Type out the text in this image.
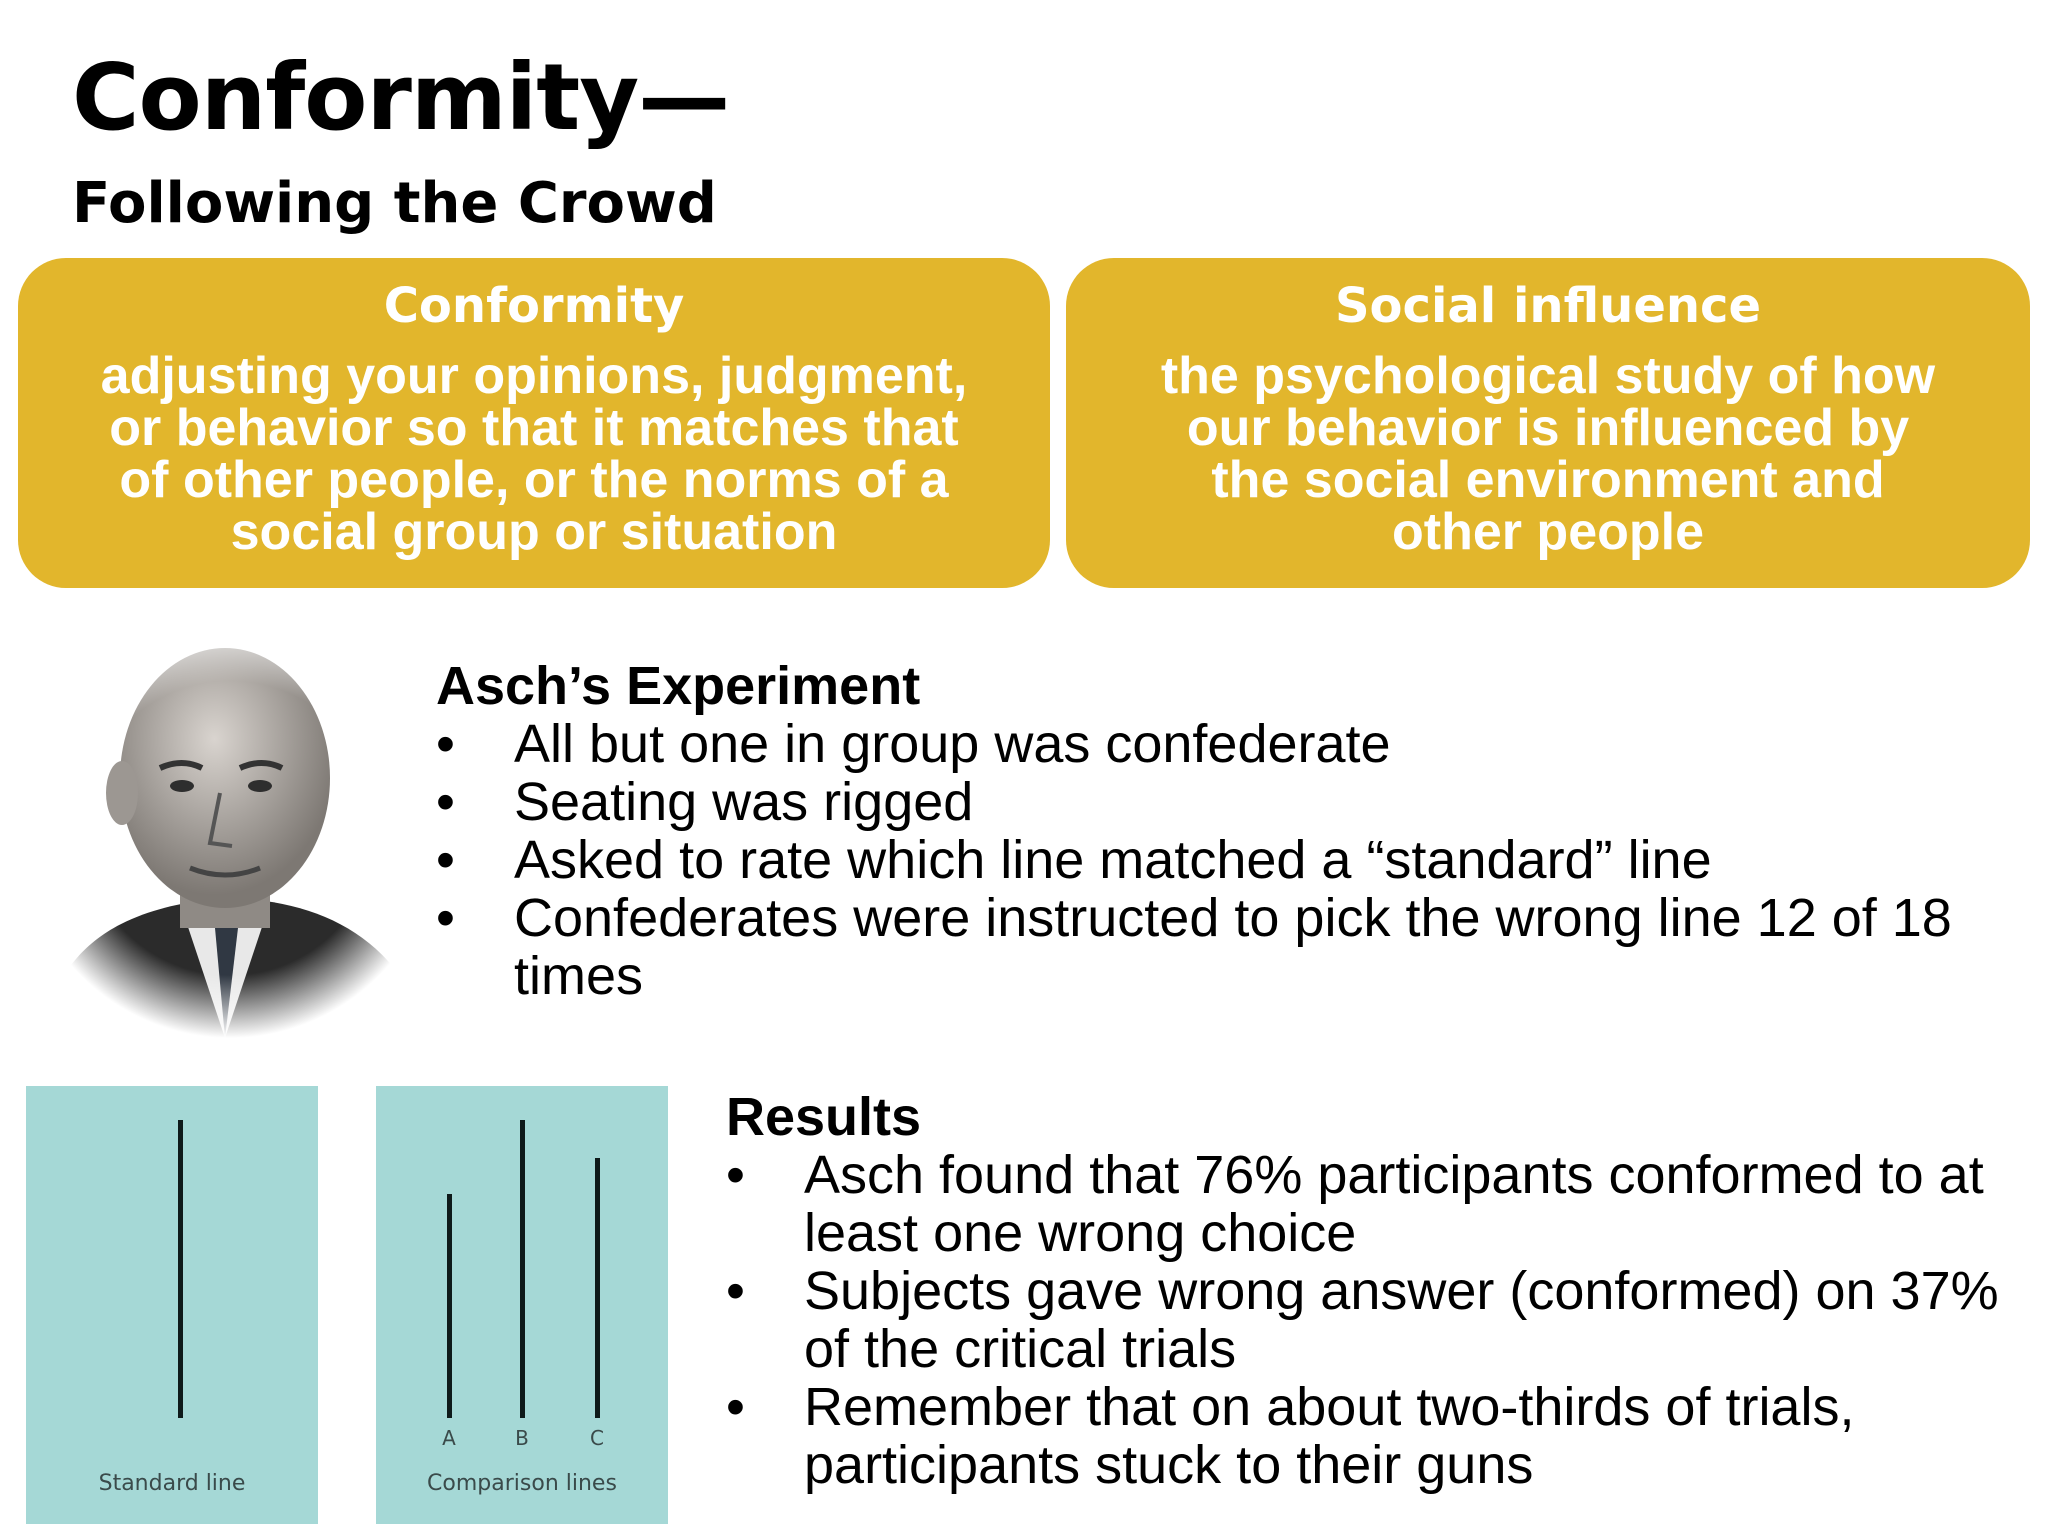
Conformity—
Following the Crowd
Conformity
adjusting your opinions, judgment,
or behavior so that it matches that
of other people, or the norms of a
social group or situation
Social influence
the psychological study of how
our behavior is influenced by
the social environment and
other people
Asch’s Experiment
• All but one in group was confederate
• Seating was rigged
• Asked to rate which line matched a “standard” line
• Confederates were instructed to pick the wrong line 12 of 18 times
Standard line
A	B	C
Comparison lines
Results
• Asch found that 76% participants conformed to at least one wrong choice
• Subjects gave wrong answer (conformed) on 37% of the critical trials
• Remember that on about two-thirds of trials, participants stuck to their guns
